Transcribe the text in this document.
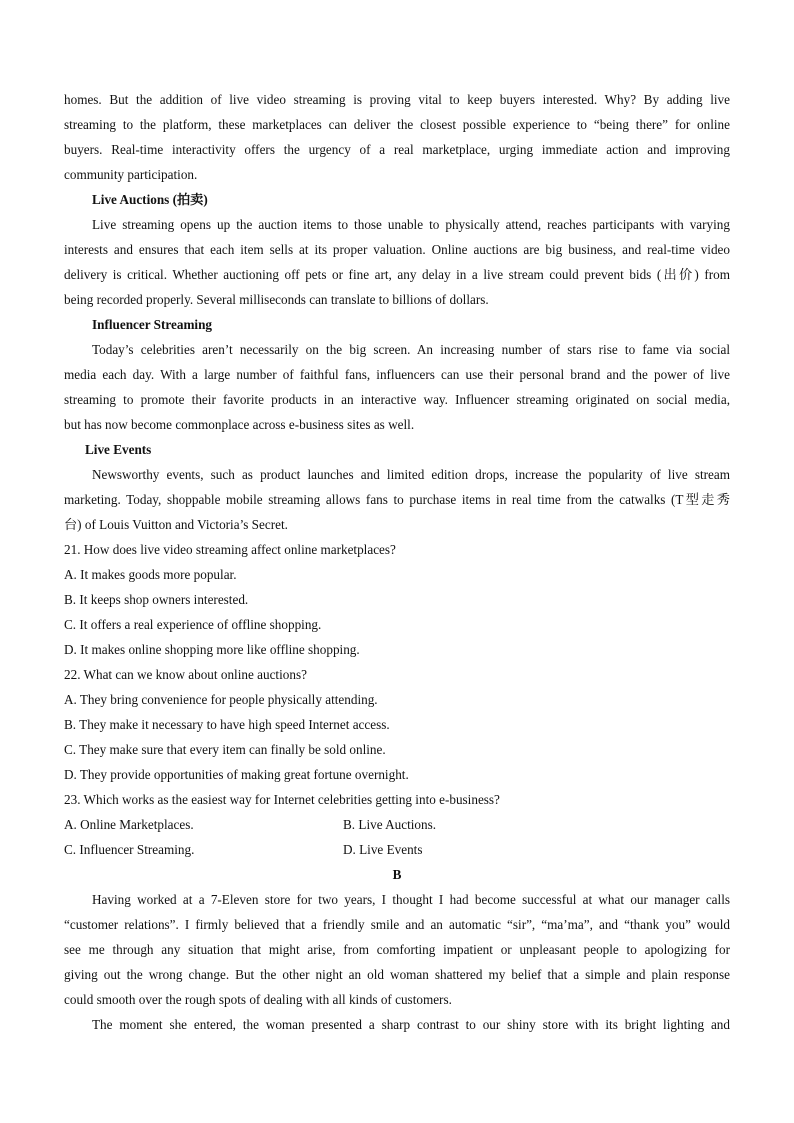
homes. But the addition of live video streaming is proving vital to keep buyers interested. Why? By adding live
streaming to the platform, these marketplaces can deliver the closest possible experience to “being there” for online
buyers. Real-time interactivity offers the urgency of a real marketplace, urging immediate action and improving
community participation.
Live Auctions (拍卖)
Live streaming opens up the auction items to those unable to physically attend, reaches participants with varying
interests and ensures that each item sells at its proper valuation. Online auctions are big business, and real-time video
delivery is critical. Whether auctioning off pets or fine art, any delay in a live stream could prevent bids (出价) from
being recorded properly. Several milliseconds can translate to billions of dollars.
Influencer Streaming
Today’s celebrities aren’t necessarily on the big screen. An increasing number of stars rise to fame via social
media each day. With a large number of faithful fans, influencers can use their personal brand and the power of live
streaming to promote their favorite products in an interactive way. Influencer streaming originated on social media,
but has now become commonplace across e-business sites as well.
Live Events
Newsworthy events, such as product launches and limited edition drops, increase the popularity of live stream
marketing. Today, shoppable mobile streaming allows fans to purchase items in real time from the catwalks (T型走秀
台) of Louis Vuitton and Victoria’s Secret.
21. How does live video streaming affect online marketplaces?
A. It makes goods more popular.
B. It keeps shop owners interested.
C. It offers a real experience of offline shopping.
D. It makes online shopping more like offline shopping.
22. What can we know about online auctions?
A. They bring convenience for people physically attending.
B. They make it necessary to have high speed Internet access.
C. They make sure that every item can finally be sold online.
D. They provide opportunities of making great fortune overnight.
23. Which works as the easiest way for Internet celebrities getting into e-business?
A. Online Marketplaces.	B. Live Auctions.
C. Influencer Streaming.	D. Live Events
B
Having worked at a 7-Eleven store for two years, I thought I had become successful at what our manager calls
“customer relations”. I firmly believed that a friendly smile and an automatic “sir”, “ma’ma”, and “thank you” would
see me through any situation that might arise, from comforting impatient or unpleasant people to apologizing for
giving out the wrong change. But the other night an old woman shattered my belief that a simple and plain response
could smooth over the rough spots of dealing with all kinds of customers.
The moment she entered, the woman presented a sharp contrast to our shiny store with its bright lighting and
